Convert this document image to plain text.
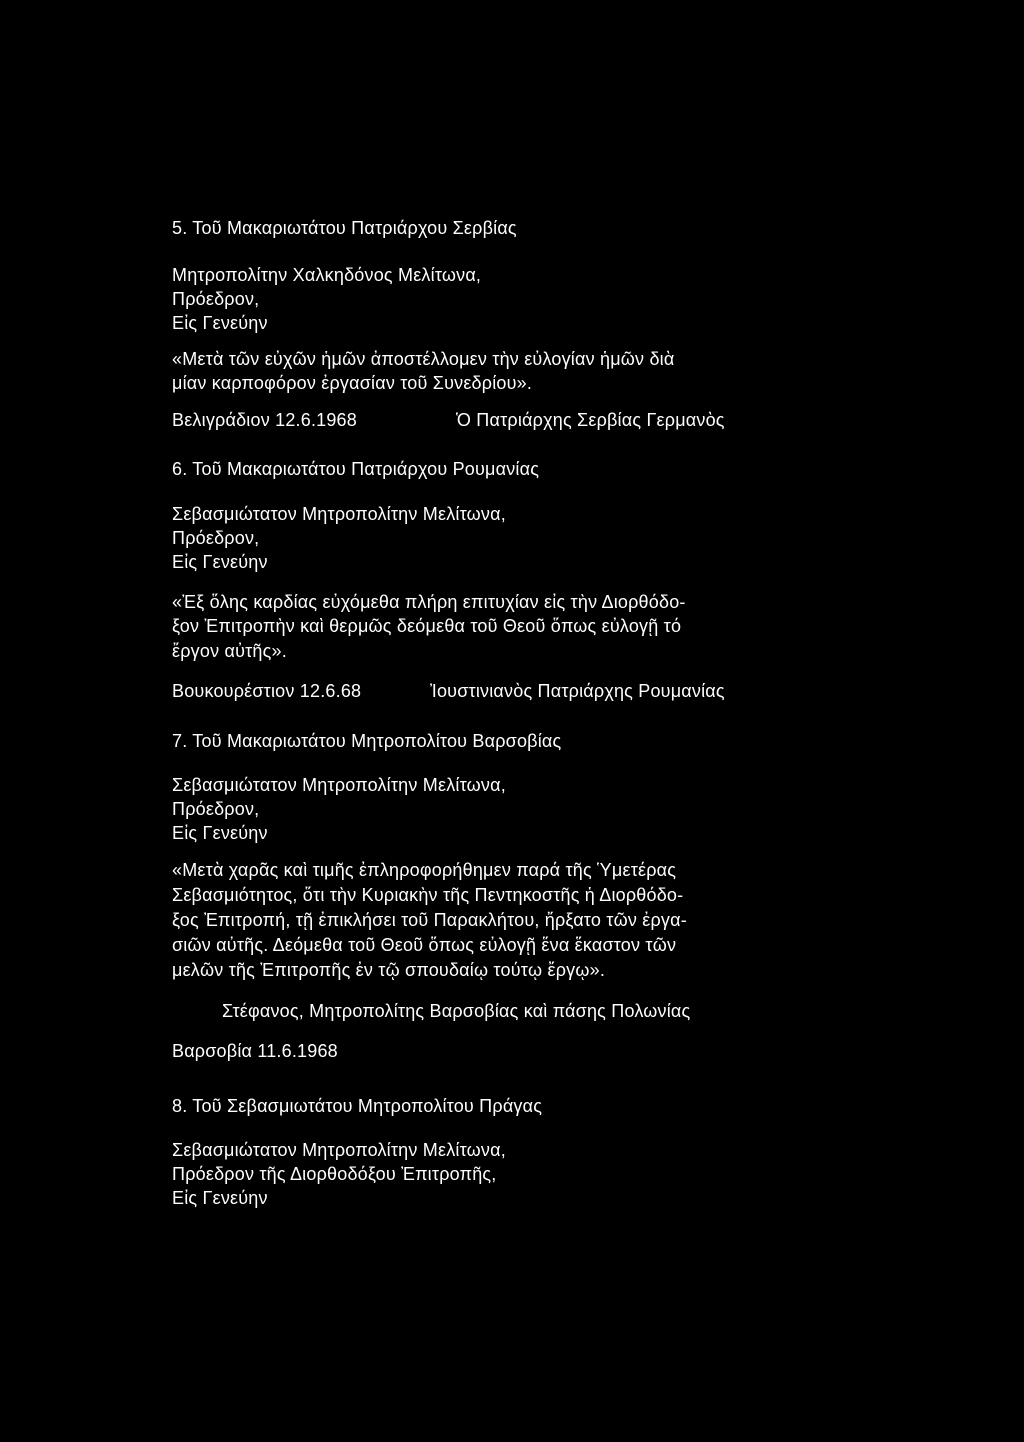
5. Τοῦ Μακαριωτάτου Πατριάρχου Σερβίας
Μητροπολίτην Χαλκηδόνος Μελίτωνα,
Πρόεδρον,
Εἰς Γενεύην
«Μετὰ τῶν εὐχῶν ἡμῶν ἀποστέλλομεν τὴν εὐλογίαν ἡμῶν διὰ
μίαν καρποφόρον ἐργασίαν τοῦ Συνεδρίου».
Βελιγράδιον 12.6.1968	Ὁ Πατριάρχης Σερβίας Γερμανὸς
6. Τοῦ Μακαριωτάτου Πατριάρχου Ρουμανίας
Σεβασμιώτατον Μητροπολίτην Μελίτωνα,
Πρόεδρον,
Εἰς Γενεύην
«Ἐξ ὅλης καρδίας εὐχόμεθα πλήρη επιτυχίαν εἰς τὴν Διορθόδο-
ξον Ἐπιτροπὴν καὶ θερμῶς δεόμεθα τοῦ Θεοῦ ὅπως εὐλογῇ τό
ἔργον αὐτῆς».
Βουκουρέστιον 12.6.68	Ἰουστινιανὸς Πατριάρχης Ρουμανίας
7. Τοῦ Μακαριωτάτου Μητροπολίτου Βαρσοβίας
Σεβασμιώτατον Μητροπολίτην Μελίτωνα,
Πρόεδρον,
Εἰς Γενεύην
«Μετὰ χαρᾶς καὶ τιμῆς ἐπληροφορήθημεν παρά τῆς Ὑμετέρας
Σεβασμιότητος, ὅτι τὴν Κυριακὴν τῆς Πεντηκοστῆς ἡ Διορθόδο-
ξος Ἐπιτροπή, τῇ ἐπικλήσει τοῦ Παρακλήτου, ἤρξατο τῶν ἐργα-
σιῶν αὐτῆς. Δεόμεθα τοῦ Θεοῦ ὅπως εὐλογῇ ἕνα ἕκαστον τῶν
μελῶν τῆς Ἐπιτροπῆς ἐν τῷ σπουδαίῳ τούτῳ ἔργῳ».
Στέφανος, Μητροπολίτης Βαρσοβίας καὶ πάσης Πολωνίας
Βαρσοβία 11.6.1968
8. Τοῦ Σεβασμιωτάτου Μητροπολίτου Πράγας
Σεβασμιώτατον Μητροπολίτην Μελίτωνα,
Πρόεδρον τῆς Διορθοδόξου Ἐπιτροπῆς,
Εἰς Γενεύην
